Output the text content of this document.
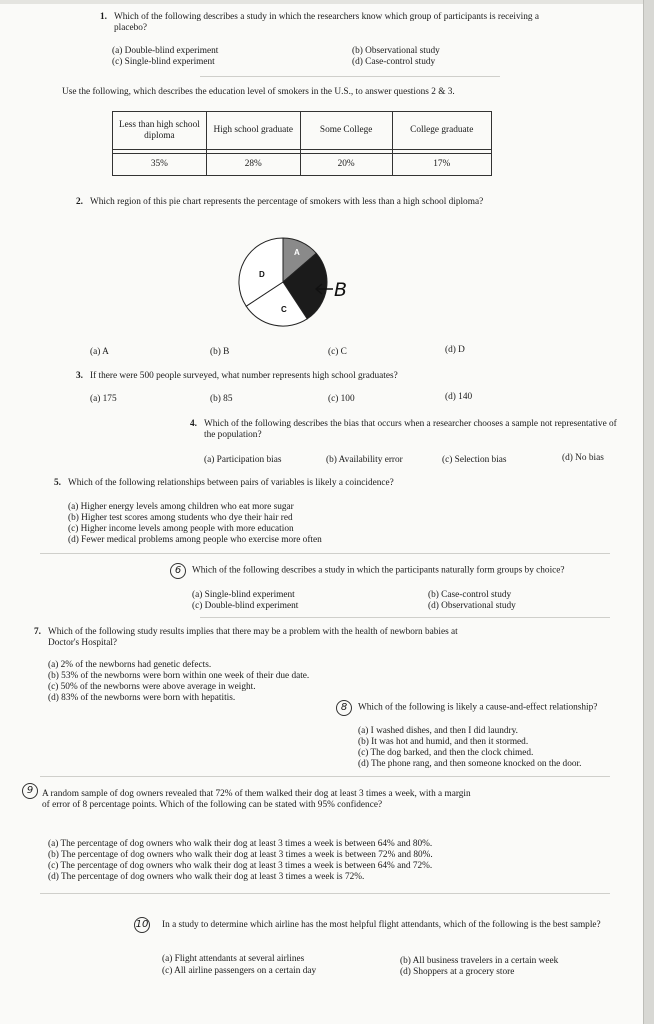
1. Which of the following describes a study in which the researchers know which group of participants is receiving a placebo?
(a) Double-blind experiment	(b) Observational study
(c) Single-blind experiment	(d) Case-control study
Use the following, which describes the education level of smokers in the U.S., to answer questions 2 & 3.
Less than high school diploma	High school graduate	Some College	College graduate

35%	28%	20%	17%
2. Which region of this pie chart represents the percentage of smokers with less than a high school diploma?
A
C
D
B
(a) A	(b) B	(c) C	(d) D
3. If there were 500 people surveyed, what number represents high school graduates?
(a) 175	(b) 85	(c) 100	(d) 140
4. Which of the following describes the bias that occurs when a researcher chooses a sample not representative of the population?
(a) Participation bias	(b) Availability error	(c) Selection bias	(d) No bias
5. Which of the following relationships between pairs of variables is likely a coincidence?
(a) Higher energy levels among children who eat more sugar
(b) Higher test scores among students who dye their hair red
(c) Higher income levels among people with more education
(d) Fewer medical problems among people who exercise more often
6 Which of the following describes a study in which the participants naturally form groups by choice?
(a) Single-blind experiment	(b) Case-control study
(c) Double-blind experiment	(d) Observational study
7. Which of the following study results implies that there may be a problem with the health of newborn babies at Doctor's Hospital?
(a) 2% of the newborns had genetic defects.
(b) 53% of the newborns were born within one week of their due date.
(c) 50% of the newborns were above average in weight.
(d) 83% of the newborns were born with hepatitis.
8 Which of the following is likely a cause-and-effect relationship?
(a) I washed dishes, and then I did laundry.
(b) It was hot and humid, and then it stormed.
(c) The dog barked, and then the clock chimed.
(d) The phone rang, and then someone knocked on the door.
9 A random sample of dog owners revealed that 72% of them walked their dog at least 3 times a week, with a margin of error of 8 percentage points. Which of the following can be stated with 95% confidence?
(a) The percentage of dog owners who walk their dog at least 3 times a week is between 64% and 80%.
(b) The percentage of dog owners who walk their dog at least 3 times a week is between 72% and 80%.
(c) The percentage of dog owners who walk their dog at least 3 times a week is between 64% and 72%.
(d) The percentage of dog owners who walk their dog at least 3 times a week is 72%.
10 In a study to determine which airline has the most helpful flight attendants, which of the following is the best sample?
(a) Flight attendants at several airlines	(b) All business travelers in a certain week
(c) All airline passengers on a certain day	(d) Shoppers at a grocery store
